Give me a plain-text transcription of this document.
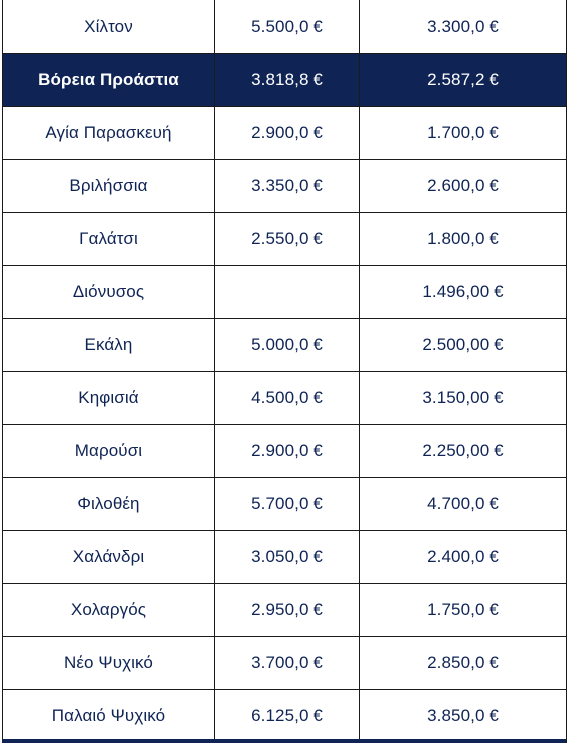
Χίλτον	5.500,0 €	3.300,0 €
Βόρεια Προάστια	3.818,8 €	2.587,2 €
Αγία Παρασκευή	2.900,0 €	1.700,0 €
Βριλήσσια	3.350,0 €	2.600,0 €
Γαλάτσι	2.550,0 €	1.800,0 €
Διόνυσος		1.496,00 €
Εκάλη	5.000,0 €	2.500,00 €
Κηφισιά	4.500,0 €	3.150,00 €
Μαρούσι	2.900,0 €	2.250,00 €
Φιλοθέη	5.700,0 €	4.700,0 €
Χαλάνδρι	3.050,0 €	2.400,0 €
Χολαργός	2.950,0 €	1.750,0 €
Νέο Ψυχικό	3.700,0 €	2.850,0 €
Παλαιό Ψυχικό	6.125,0 €	3.850,0 €
